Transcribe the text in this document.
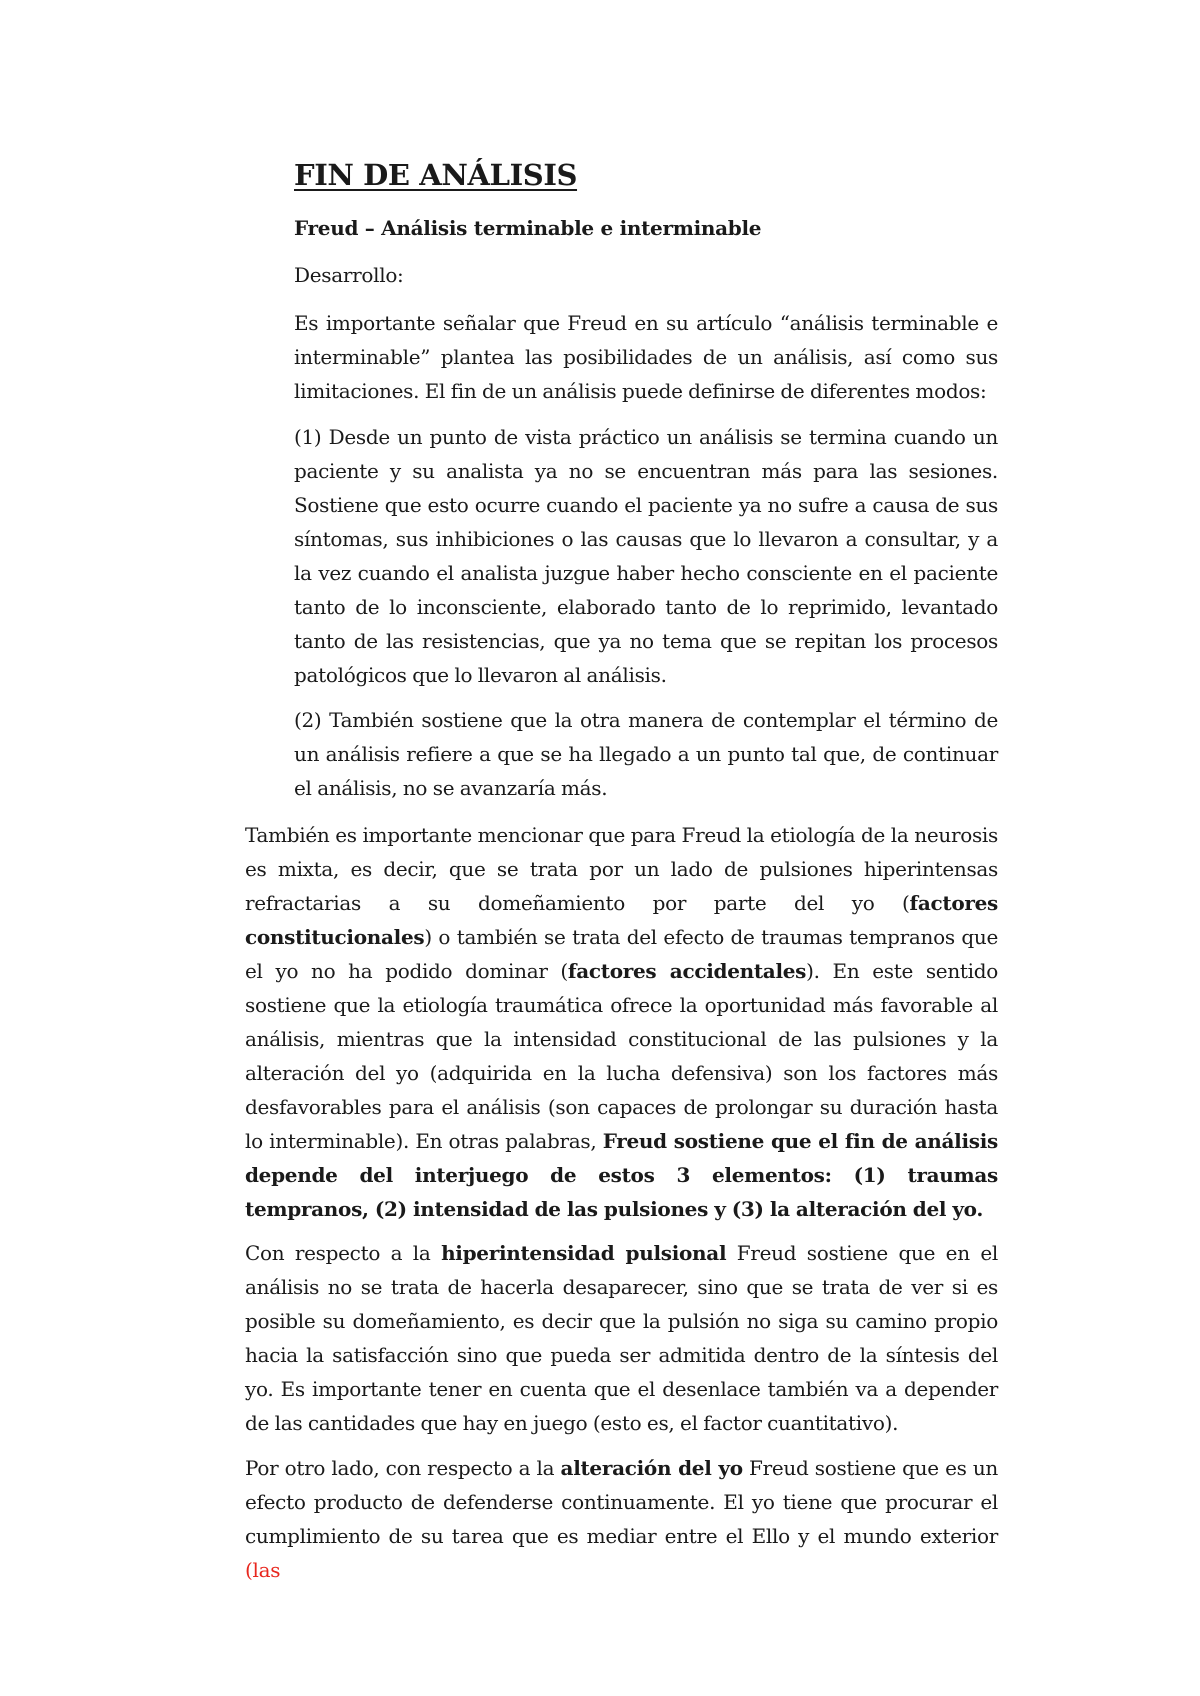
FIN DE ANÁLISIS
Freud – Análisis terminable e interminable

Desarrollo:

Es importante señalar que Freud en su artículo “análisis terminable e interminable” plantea las posibilidades de un análisis, así como sus limitaciones. El fin de un análisis puede definirse de diferentes modos:

(1) Desde un punto de vista práctico un análisis se termina cuando un paciente y su analista ya no se encuentran más para las sesiones. Sostiene que esto ocurre cuando el paciente ya no sufre a causa de sus síntomas, sus inhibiciones o las causas que lo llevaron a consultar, y a la vez cuando el analista juzgue haber hecho consciente en el paciente tanto de lo inconsciente, elaborado tanto de lo reprimido, levantado tanto de las resistencias, que ya no tema que se repitan los procesos patológicos que lo llevaron al análisis.

(2) También sostiene que la otra manera de contemplar el término de un análisis refiere a que se ha llegado a un punto tal que, de continuar el análisis, no se avanzaría más.

También es importante mencionar que para Freud la etiología de la neurosis es mixta, es decir, que se trata por un lado de pulsiones hiperintensas refractarias a su domeñamiento por parte del yo (factores constitucionales) o también se trata del efecto de traumas tempranos que el yo no ha podido dominar (factores accidentales). En este sentido sostiene que la etiología traumática ofrece la oportunidad más favorable al análisis, mientras que la intensidad constitucional de las pulsiones y la alteración del yo (adquirida en la lucha defensiva) son los factores más desfavorables para el análisis (son capaces de prolongar su duración hasta lo interminable). En otras palabras, Freud sostiene que el fin de análisis depende del interjuego de estos 3 elementos: (1) traumas tempranos, (2) intensidad de las pulsiones y (3) la alteración del yo.

Con respecto a la hiperintensidad pulsional Freud sostiene que en el análisis no se trata de hacerla desaparecer, sino que se trata de ver si es posible su domeñamiento, es decir que la pulsión no siga su camino propio hacia la satisfacción sino que pueda ser admitida dentro de la síntesis del yo. Es importante tener en cuenta que el desenlace también va a depender de las cantidades que hay en juego (esto es, el factor cuantitativo).

Por otro lado, con respecto a la alteración del yo Freud sostiene que es un efecto producto de defenderse continuamente. El yo tiene que procurar el cumplimiento de su tarea que es mediar entre el Ello y el mundo exterior (las
